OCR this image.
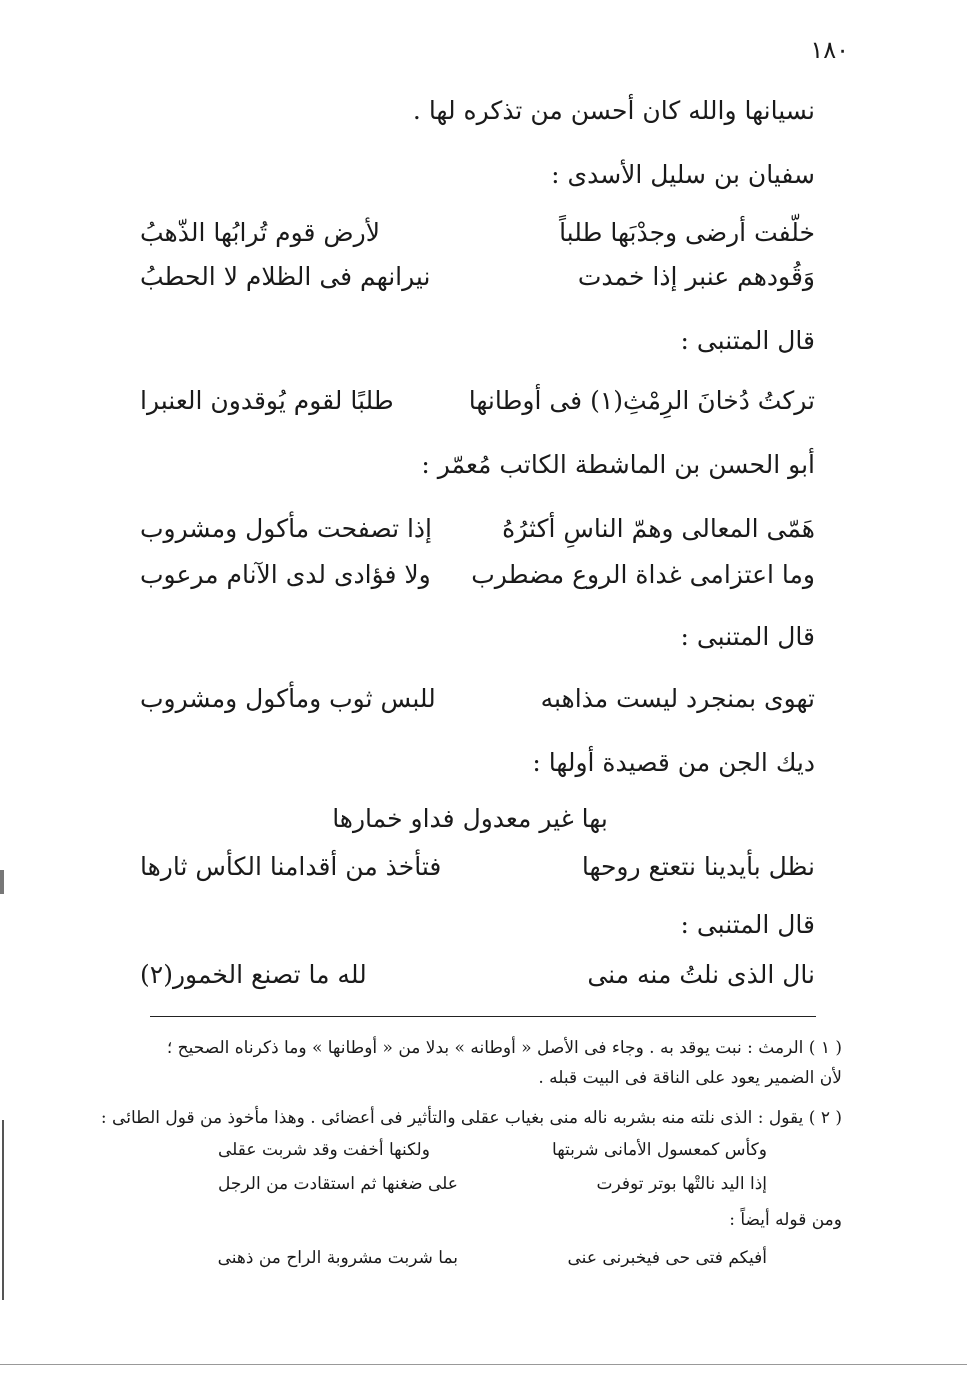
١٨٠
نسيانها والله كان أحسن من تذكره لها .
سفيان بن سليل الأسدى :
خلّفت أرضى وجدْبَها طلباً
لأرض قوم تُرابُها الذّهبُ
وَقُودهم عنبر إذا خمدت
نيرانهم فى الظلام لا الحطبُ
قال المتنبى :
تركتُ دُخانَ الرِمْثِ(١) فى أوطانها
طلبًا لقوم يُوقدون العنبرا
أبو الحسن بن الماشطة الكاتب مُعمّر :
هَمّى المعالى وهمّ الناسِ أكثرُهُ
إذا تصفحت مأكول ومشروب
وما اعتزامى غداة الروع مضطرب
ولا فؤادى لدى الآنام مرعوب
قال المتنبى :
تهوى بمنجرد ليست مذاهبه
للبس ثوب ومأكول ومشروب
ديك الجن من قصيدة أولها :
بها غير معدول فداو خمارها
نظل بأيدينا نتعتع روحها
فتأخذ من أقدامنا الكأس ثارها
قال المتنبى :
نال الذى نلتُ منه منى
لله ما تصنع الخمور(٢)
( ١ ) الرمث : نبت يوقد به . وجاء فى الأصل « أوطانه » بدلا من « أوطانها » وما ذكرناه الصحيح ؛
لأن الضمير يعود على الناقة فى البيت قبله .
( ٢ ) يقول : الذى نلته منه بشربه ناله منى بغياب عقلى والتأثير فى أعضائى . وهذا مأخوذ من قول الطائى :
وكأس كمعسول الأمانى شربتها
ولكنها أخفت وقد شربت عقلى
إذا اليد نالتْها بوتر توفرت
على ضغنها ثم استقادت من الرجل
ومن قوله أيضاً :
أفيكم فتى حى فيخبرنى عنى
بما شربت مشروبة الراح من ذهنى
